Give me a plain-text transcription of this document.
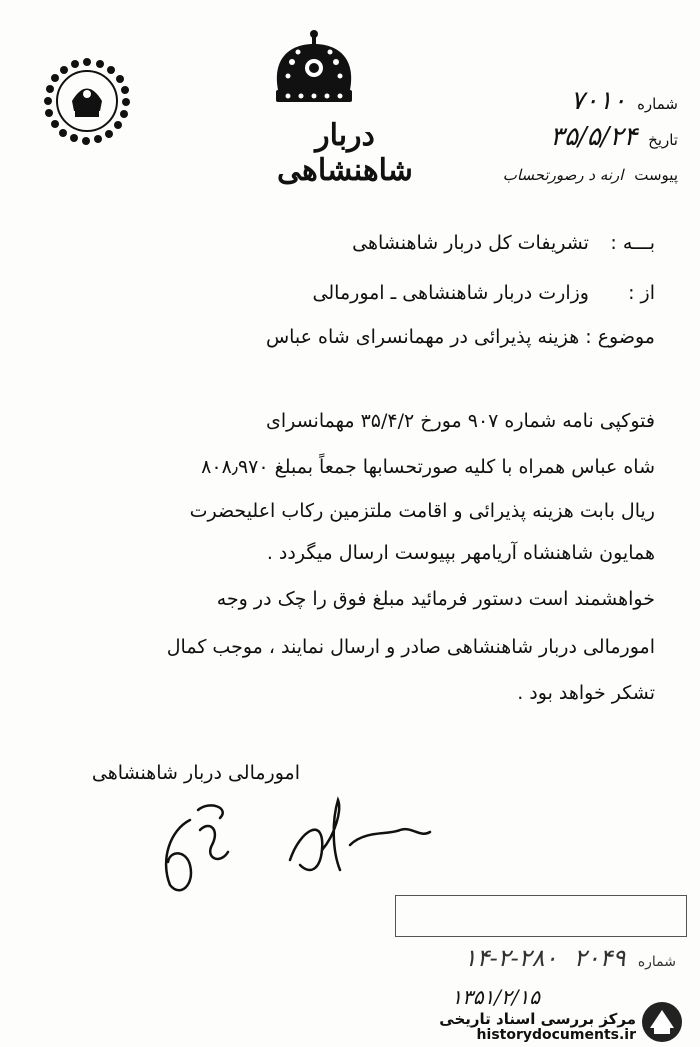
دربار شاهنشاهی
شماره ۷۰۱۰
تاریخ ۳۵/۵/۲۴
پیوست ارنه د رصورتحساب
بـــه : تشریفات کل دربار شاهنشاهی
از : وزارت دربار شاهنشاهی ـ امورمالی
موضوع : هزینه پذیرائی در مهمانسرای شاه عباس
فتوکپی نامه شماره ۹۰۷ مورخ ۳۵/۴/۲ مهمانسرای
شاه عباس همراه با کلیه صورتحسابها جمعاً بمبلغ ۸۰۸٫۹۷۰
ریال بابت هزینه پذیرائی و اقامت ملتزمین رکاب اعلیحضرت
همایون شاهنشاه آریامهر بپیوست ارسال میگردد .
خواهشمند است دستور فرمائید مبلغ فوق را چک در وجه
امورمالی دربار شاهنشاهی صادر و ارسال نمایند ، موجب کمال
تشکر خواهد بود .
امورمالی دربار شاهنشاهی
شماره ۲۰۴۹ ۲۸۰-۲-۱۴
۱۳۵۱/۲/۱۵
مرکز بررسی اسناد تاریخی
historydocuments.ir
